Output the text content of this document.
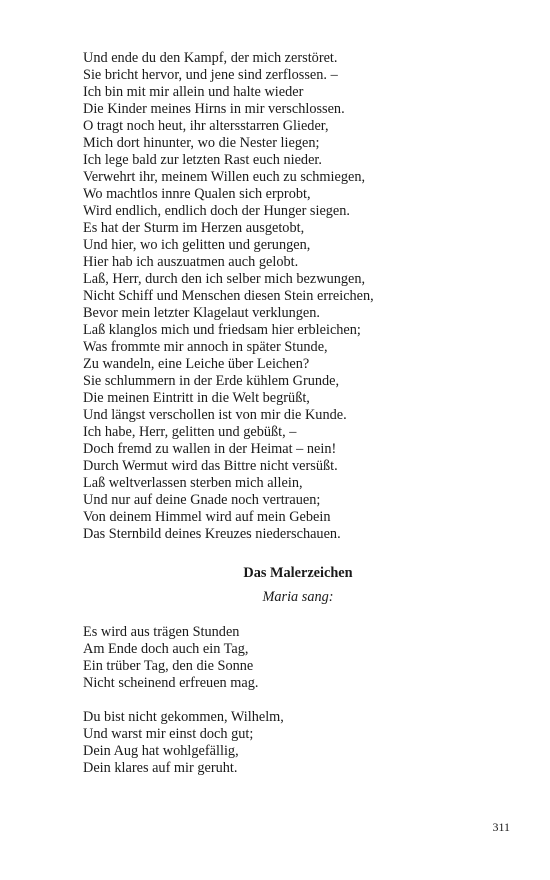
Und ende du den Kampf, der mich zerstöret.
Sie bricht hervor, und jene sind zerflossen. –
Ich bin mit mir allein und halte wieder
Die Kinder meines Hirns in mir verschlossen.
O tragt noch heut, ihr altersstarren Glieder,
Mich dort hinunter, wo die Nester liegen;
Ich lege bald zur letzten Rast euch nieder.
Verwehrt ihr, meinem Willen euch zu schmiegen,
Wo machtlos innre Qualen sich erprobt,
Wird endlich, endlich doch der Hunger siegen.
Es hat der Sturm im Herzen ausgetobt,
Und hier, wo ich gelitten und gerungen,
Hier hab ich auszuatmen auch gelobt.
Laß, Herr, durch den ich selber mich bezwungen,
Nicht Schiff und Menschen diesen Stein erreichen,
Bevor mein letzter Klagelaut verklungen.
Laß klanglos mich und friedsam hier erbleichen;
Was frommte mir annoch in später Stunde,
Zu wandeln, eine Leiche über Leichen?
Sie schlummern in der Erde kühlem Grunde,
Die meinen Eintritt in die Welt begrüßt,
Und längst verschollen ist von mir die Kunde.
Ich habe, Herr, gelitten und gebüßt, –
Doch fremd zu wallen in der Heimat – nein!
Durch Wermut wird das Bittre nicht versüßt.
Laß weltverlassen sterben mich allein,
Und nur auf deine Gnade noch vertrauen;
Von deinem Himmel wird auf mein Gebein
Das Sternbild deines Kreuzes niederschauen.
Das Malerzeichen
Maria sang:
Es wird aus trägen Stunden
Am Ende doch auch ein Tag,
Ein trüber Tag, den die Sonne
Nicht scheinend erfreuen mag.
Du bist nicht gekommen, Wilhelm,
Und warst mir einst doch gut;
Dein Aug hat wohlgefällig,
Dein klares auf mir geruht.
311
